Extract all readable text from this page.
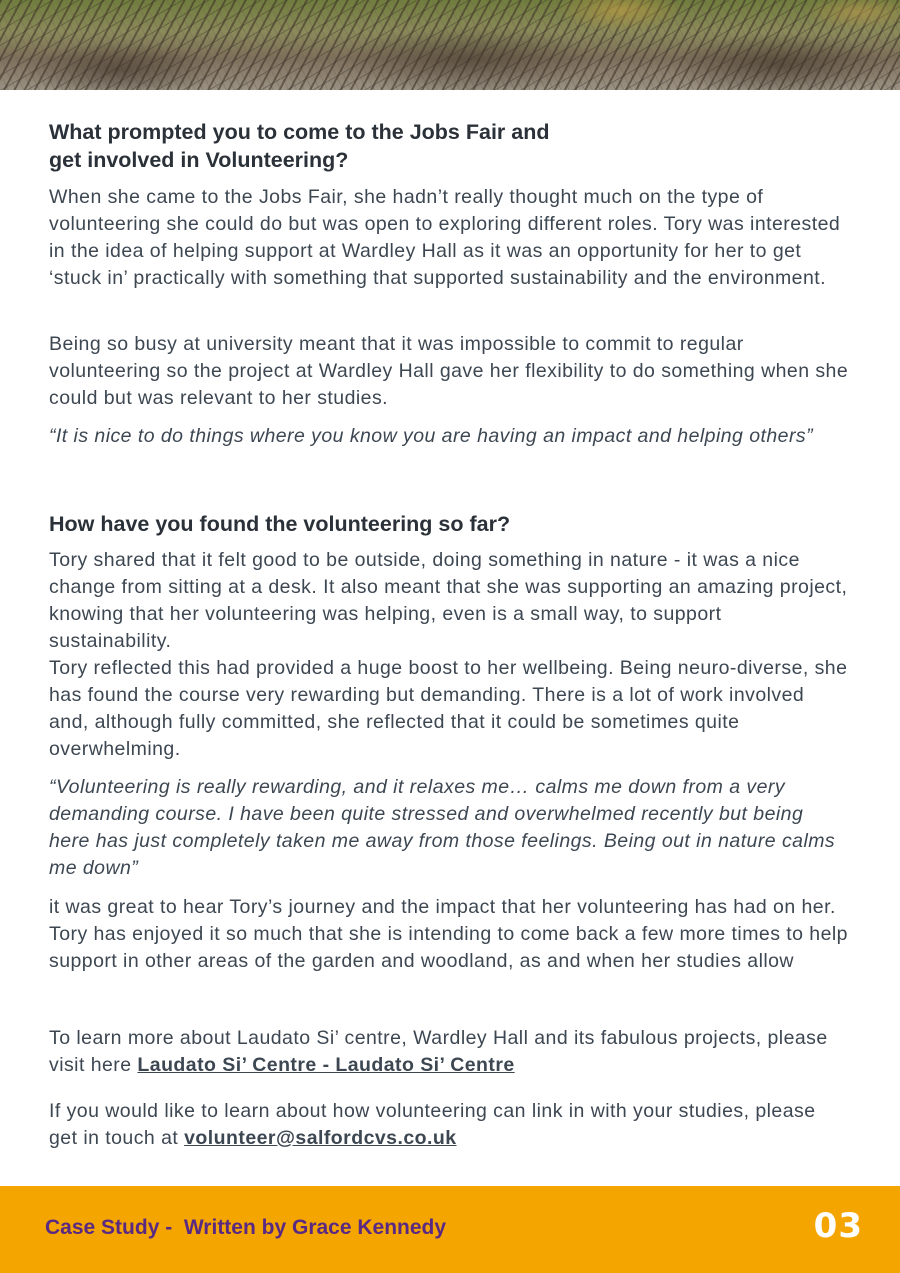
What prompted you to come to the Jobs Fair and get involved in Volunteering?

When she came to the Jobs Fair, she hadn’t really thought much on the type of volunteering she could do but was open to exploring different roles. Tory was interested in the idea of helping support at Wardley Hall as it was an opportunity for her to get ‘stuck in’ practically with something that supported sustainability and the environment.

Being so busy at university meant that it was impossible to commit to regular volunteering so the project at Wardley Hall gave her flexibility to do something when she could but was relevant to her studies.

“It is nice to do things where you know you are having an impact and helping others”

How have you found the volunteering so far?

Tory shared that it felt good to be outside, doing something in nature - it was a nice change from sitting at a desk. It also meant that she was supporting an amazing project, knowing that her volunteering was helping, even is a small way, to support sustainability.

Tory reflected this had provided a huge boost to her wellbeing. Being neuro-diverse, she has found the course very rewarding but demanding. There is a lot of work involved and, although fully committed, she reflected that it could be sometimes quite overwhelming.

“Volunteering is really rewarding, and it relaxes me… calms me down from a very demanding course. I have been quite stressed and overwhelmed recently but being here has just completely taken me away from those feelings. Being out in nature calms me down”

it was great to hear Tory’s journey and the impact that her volunteering has had on her. Tory has enjoyed it so much that she is intending to come back a few more times to help support in other areas of the garden and woodland, as and when her studies allow

To learn more about Laudato Si’ centre, Wardley Hall and its fabulous projects, please visit here Laudato Si’ Centre - Laudato Si’ Centre

If you would like to learn about how volunteering can link in with your studies, please get in touch at volunteer@salfordcvs.co.uk

Case Study -  Written by Grace Kennedy	03
